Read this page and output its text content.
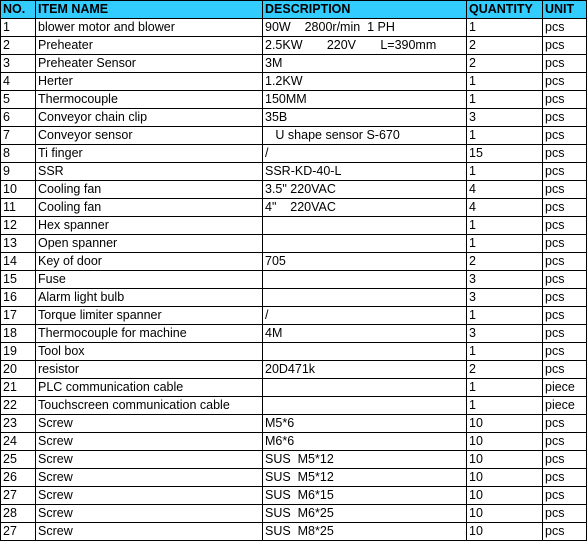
NO.	ITEM NAME	DESCRIPTION	QUANTITY	UNIT
1	blower motor and blower	90W    2800r/min  1 PH	1	pcs
2	Preheater	2.5KW       220V       L=390mm	2	pcs
3	Preheater Sensor	3M	2	pcs
4	Herter	1.2KW	1	pcs
5	Thermocouple	150MM	1	pcs
6	Conveyor chain clip	35B	3	pcs
7	Conveyor sensor	U shape sensor S-670	1	pcs
8	Ti finger	/	15	pcs
9	SSR	SSR-KD-40-L	1	pcs
10	Cooling fan	3.5" 220VAC	4	pcs
11	Cooling fan	4"    220VAC	4	pcs
12	Hex spanner		1	pcs
13	Open spanner		1	pcs
14	Key of door	705	2	pcs
15	Fuse		3	pcs
16	Alarm light bulb		3	pcs
17	Torque limiter spanner	/	1	pcs
18	Thermocouple for machine	4M	3	pcs
19	Tool box		1	pcs
20	resistor	20D471k	2	pcs
21	PLC communication cable		1	piece
22	Touchscreen communication cable		1	piece
23	Screw	M5*6	10	pcs
24	Screw	M6*6	10	pcs
25	Screw	SUS  M5*12	10	pcs
26	Screw	SUS  M5*12	10	pcs
27	Screw	SUS  M6*15	10	pcs
28	Screw	SUS  M6*25	10	pcs
27	Screw	SUS  M8*25	10	pcs
